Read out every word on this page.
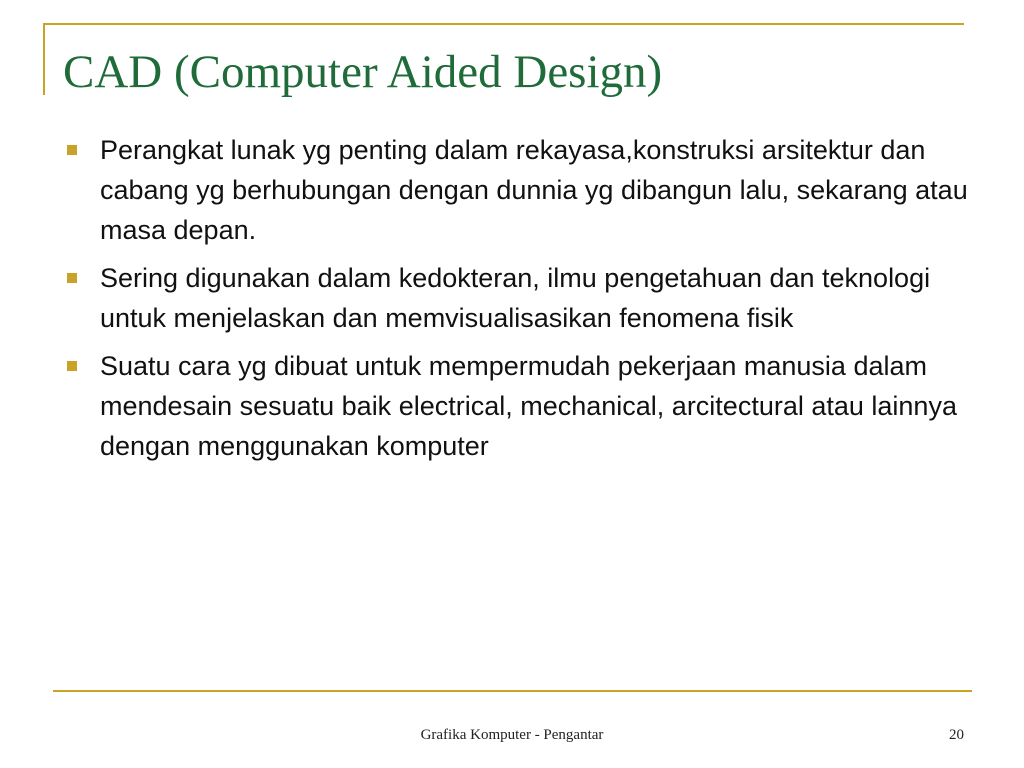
CAD (Computer Aided Design)
Perangkat lunak yg penting dalam rekayasa,konstruksi arsitektur dan cabang yg berhubungan dengan dunnia yg dibangun lalu, sekarang atau masa depan.
Sering digunakan dalam kedokteran, ilmu pengetahuan dan teknologi untuk menjelaskan dan memvisualisasikan fenomena fisik
Suatu cara yg dibuat untuk mempermudah pekerjaan manusia dalam mendesain sesuatu baik electrical, mechanical, arcitectural atau lainnya dengan menggunakan komputer
Grafika Komputer - Pengantar	20
